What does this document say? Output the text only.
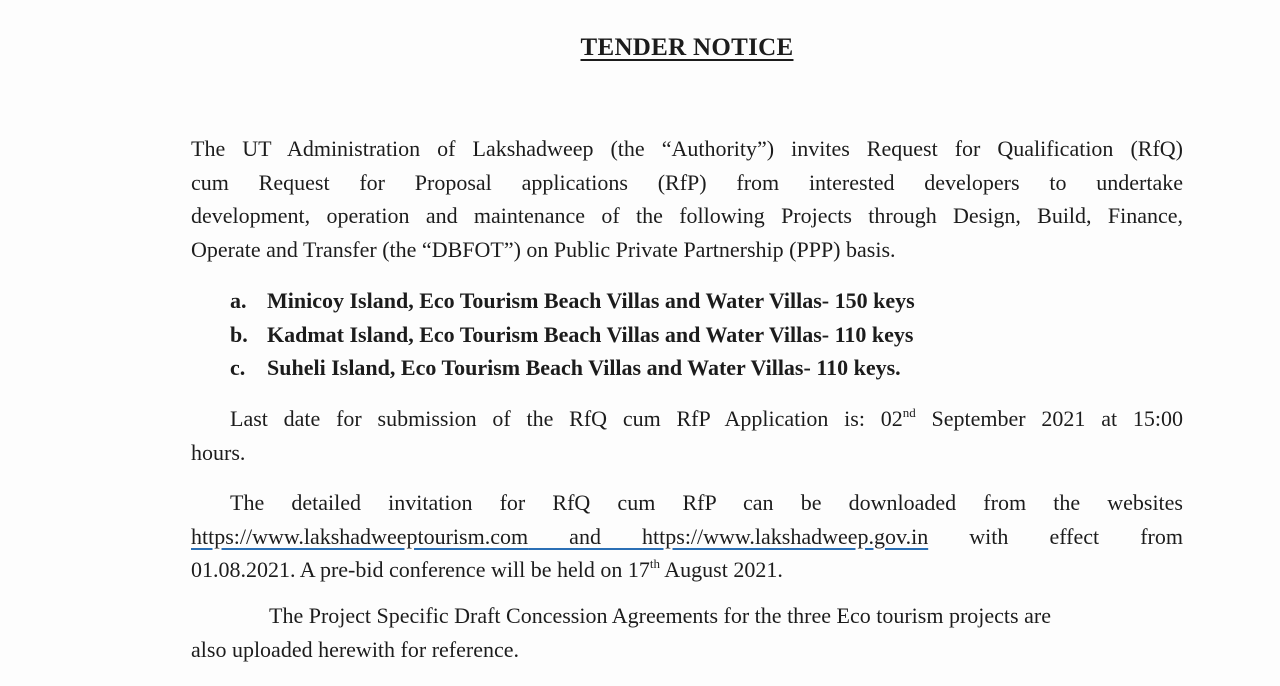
TENDER NOTICE
The UT Administration of Lakshadweep (the “Authority”) invites Request for Qualification (RfQ)
cum Request for Proposal applications (RfP) from interested developers to undertake
development, operation and maintenance of the following Projects through Design, Build, Finance,
Operate and Transfer (the “DBFOT”) on Public Private Partnership (PPP) basis.
a. Minicoy Island, Eco Tourism Beach Villas and Water Villas- 150 keys
b. Kadmat Island, Eco Tourism Beach Villas and Water Villas- 110 keys
c. Suheli Island, Eco Tourism Beach Villas and Water Villas- 110 keys.
Last date for submission of the RfQ cum RfP Application is: 02nd September 2021 at 15:00
hours.
The detailed invitation for RfQ cum RfP can be downloaded from the websites
https://www.lakshadweeptourism.com and https://www.lakshadweep.gov.in with effect from
01.08.2021. A pre-bid conference will be held on 17th August 2021.
The Project Specific Draft Concession Agreements for the three Eco tourism projects are
also uploaded herewith for reference.
